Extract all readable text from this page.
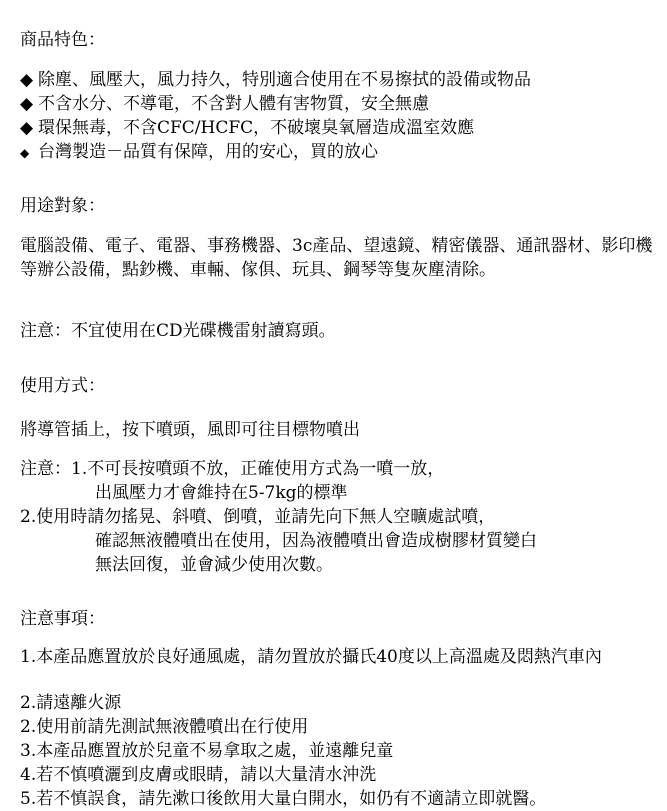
商品特色：

◆ 除塵、風壓大，風力持久，特別適合使用在不易擦拭的設備或物品

◆ 不含水分、不導電，不含對人體有害物質，安全無慮

◆ 環保無毒，不含CFC/HCFC，不破壞臭氧層造成溫室效應

◆ 台灣製造－品質有保障，用的安心，買的放心

用途對象：

電腦設備、電子、電器、事務機器、3c產品、望遠鏡、精密儀器、通訊器材、影印機等辦公設備，點鈔機、車輛、傢俱、玩具、鋼琴等隻灰塵清除。

注意：不宜使用在CD光碟機雷射讀寫頭。

使用方式：

將導管插上，按下噴頭，風即可往目標物噴出

注意：1.不可長按噴頭不放，正確使用方式為一噴一放，

出風壓力才會維持在5-7kg的標準

2.使用時請勿搖晃、斜噴、倒噴，並請先向下無人空曠處試噴，

確認無液體噴出在使用，因為液體噴出會造成樹膠材質變白

無法回復，並會減少使用次數。

注意事項：

1.本產品應置放於良好通風處，請勿置放於攝氏40度以上高溫處及悶熱汽車內

2.請遠離火源

2.使用前請先測試無液體噴出在行使用

3.本產品應置放於兒童不易拿取之處，並遠離兒童

4.若不慎噴灑到皮膚或眼睛，請以大量清水沖洗

5.若不慎誤食，請先漱口後飲用大量白開水，如仍有不適請立即就醫。
